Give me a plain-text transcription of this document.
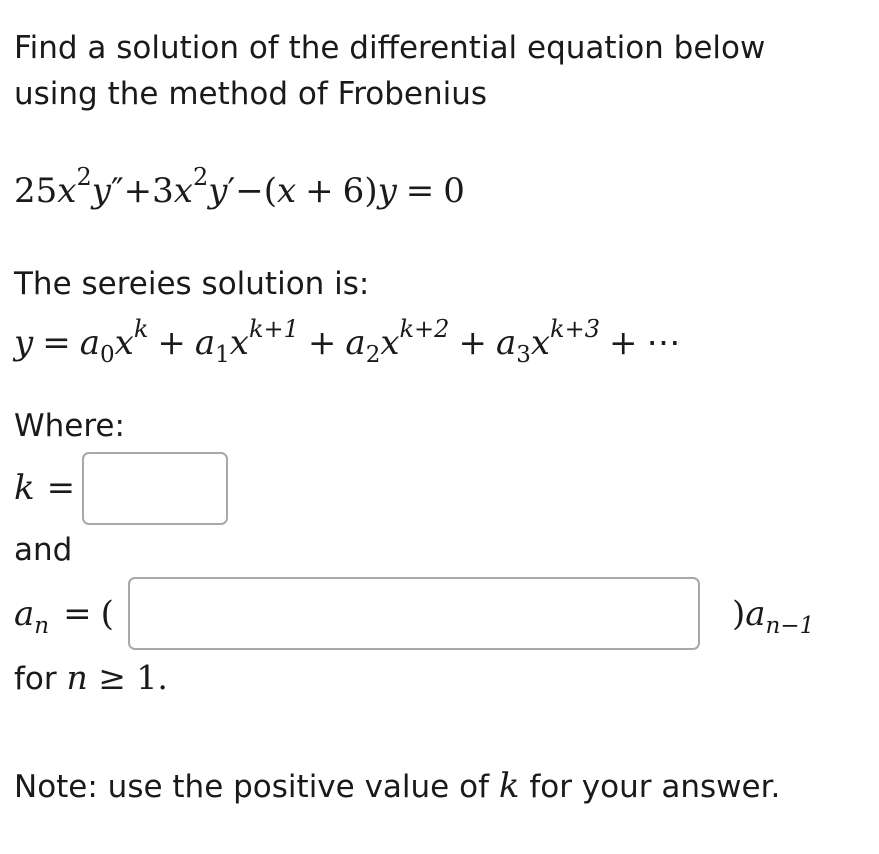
Find a solution of the differential equation below
using the method of Frobenius
$25x^2y''+3x^2y'-(x + 6)y = 0$
The sereies solution is:
$y = a_0x^k + a_1x^{k+1} + a_2x^{k+2} + a_3x^{k+3}$ + ⋯
Where:
k =
and
$a_n$ = (	)$a_{n-1}$
for n ≥ 1.
Note: use the positive value of k for your answer.
